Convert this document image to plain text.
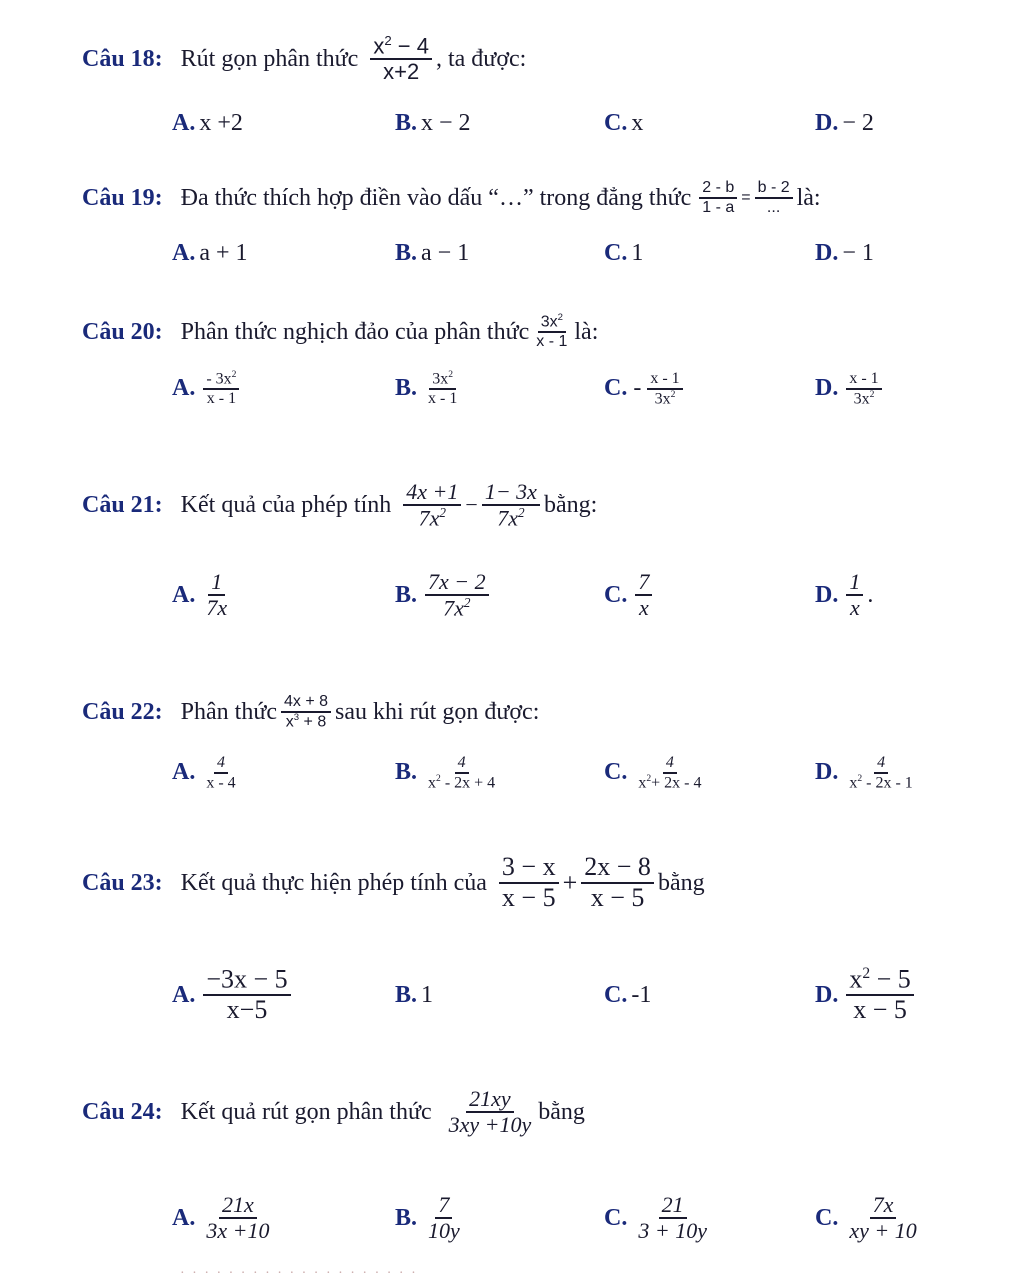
Câu 18: Rút gọn phân thức $\frac{x^2 - 4}{x+2}$ , ta được:
A. x +2	B. x − 2	C. x	D. − 2
Câu 19: Đa thức thích hợp điền vào dấu “…” trong đẳng thức $\frac{2 - b}{1 - a} = \frac{b - 2}{...}$ là:
A. a + 1	B. a − 1	C. 1	D. − 1
Câu 20: Phân thức nghịch đảo của phân thức $\frac{3x^2}{x - 1}$ là:
A. $\frac{- 3x^2}{x - 1}$	B. $\frac{3x^2}{x - 1}$	C. - $\frac{x - 1}{3x^2}$	D. $\frac{x - 1}{3x^2}$
Câu 21: Kết quả của phép tính $\frac{4x +1}{7x^2} - \frac{1- 3x}{7x^2}$ bằng:
A. $\frac{1}{7x}$	B. $\frac{7x - 2}{7x^2}$	C. $\frac{7}{x}$	D. $\frac{1}{x}$ .
Câu 22: Phân thức $\frac{4x + 8}{x^3 + 8}$ sau khi rút gọn được:
A. $\frac{4}{x - 4}$	B. $\frac{4}{x^2 - 2x + 4}$	C. $\frac{4}{x^2+ 2x - 4}$	D. $\frac{4}{x^2 - 2x - 1}$
Câu 23: Kết quả thực hiện phép tính của $\frac{3 - x}{x - 5} + \frac{2x - 8}{x - 5}$ bằng
A. $\frac{-3x - 5}{x-5}$	B. 1	C. -1	D. $\frac{x^2 - 5}{x - 5}$
Câu 24: Kết quả rút gọn phân thức $\frac{21xy}{3xy +10y}$ bằng
A. $\frac{21x}{3x +10}$	B. $\frac{7}{10y}$	C. $\frac{21}{3 + 10y}$	C. $\frac{7x}{xy + 10}$
· · · · · · · · · · · · · · · · · · · ·
